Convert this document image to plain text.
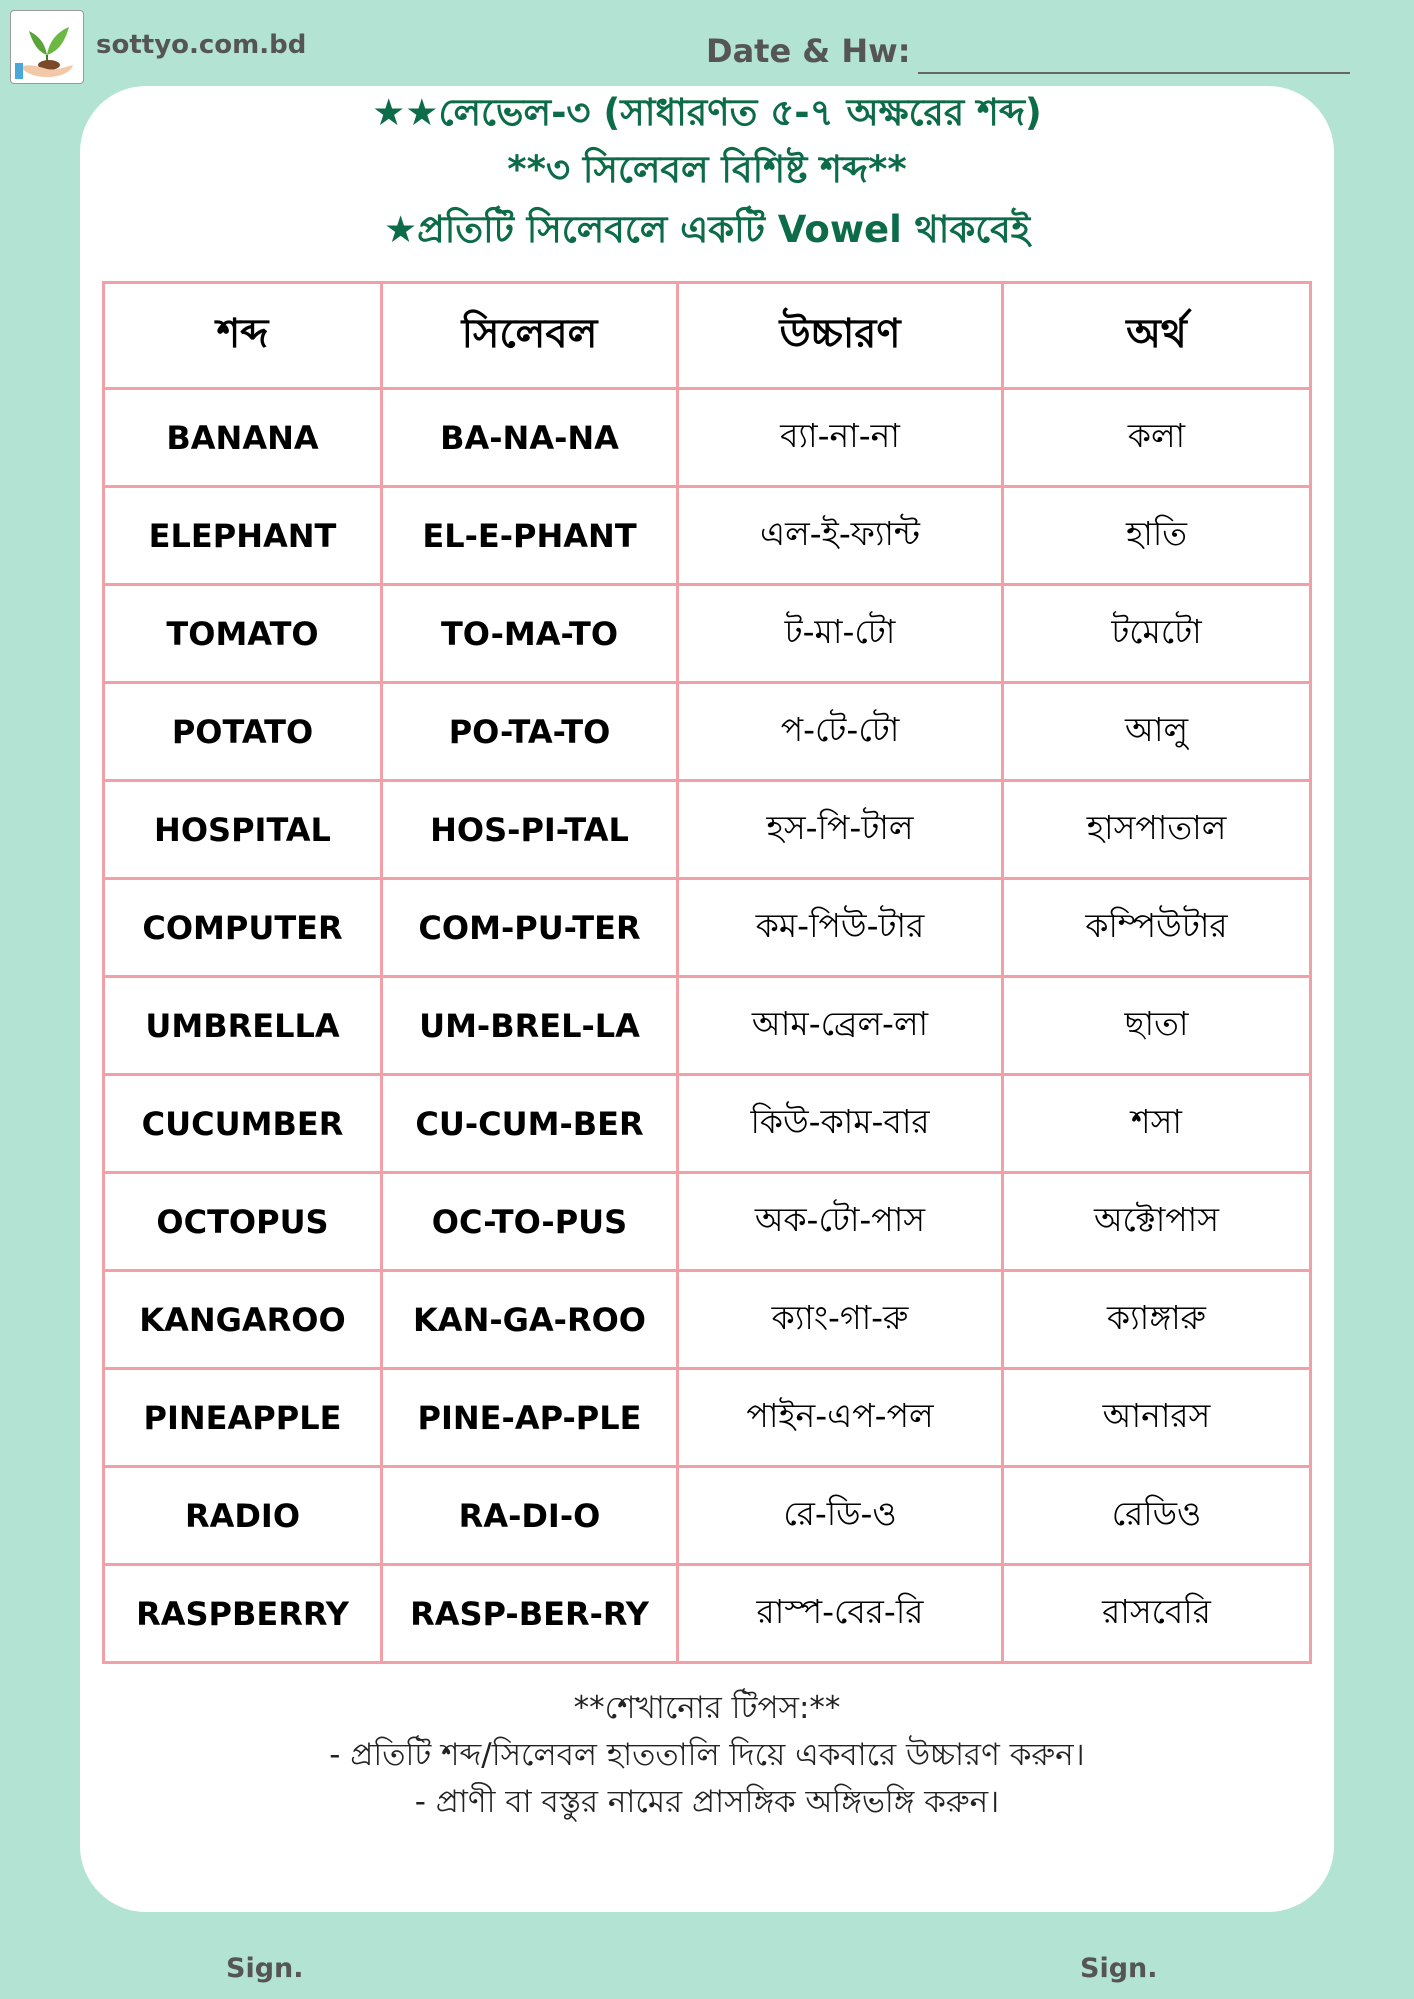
sottyo.com.bd	Date & Hw:
★★লেভেল-৩ (সাধারণত ৫-৭ অক্ষরের শব্দ)
**৩ সিলেবল বিশিষ্ট শব্দ**
★প্রতিটি সিলেবলে একটি Vowel থাকবেই
শব্দ	সিলেবল	উচ্চারণ	অর্থ
BANANA	BA-NA-NA	ব্যা-না-না	কলা
ELEPHANT	EL-E-PHANT	এল-ই-ফ্যান্ট	হাতি
TOMATO	TO-MA-TO	ট-মা-টো	টমেটো
POTATO	PO-TA-TO	প-টে-টো	আলু
HOSPITAL	HOS-PI-TAL	হস-পি-টাল	হাসপাতাল
COMPUTER	COM-PU-TER	কম-পিউ-টার	কম্পিউটার
UMBRELLA	UM-BREL-LA	আম-ব্রেল-লা	ছাতা
CUCUMBER	CU-CUM-BER	কিউ-কাম-বার	শসা
OCTOPUS	OC-TO-PUS	অক-টো-পাস	অক্টোপাস
KANGAROO	KAN-GA-ROO	ক্যাং-গা-রু	ক্যাঙ্গারু
PINEAPPLE	PINE-AP-PLE	পাইন-এপ-পল	আনারস
RADIO	RA-DI-O	রে-ডি-ও	রেডিও
RASPBERRY	RASP-BER-RY	রাস্প-বের-রি	রাসবেরি
**শেখানোর টিপস:**
- প্রতিটি শব্দ/সিলেবল হাততালি দিয়ে একবারে উচ্চারণ করুন।
- প্রাণী বা বস্তুর নামের প্রাসঙ্গিক অঙ্গিভঙ্গি করুন।
Sign.	Sign.
